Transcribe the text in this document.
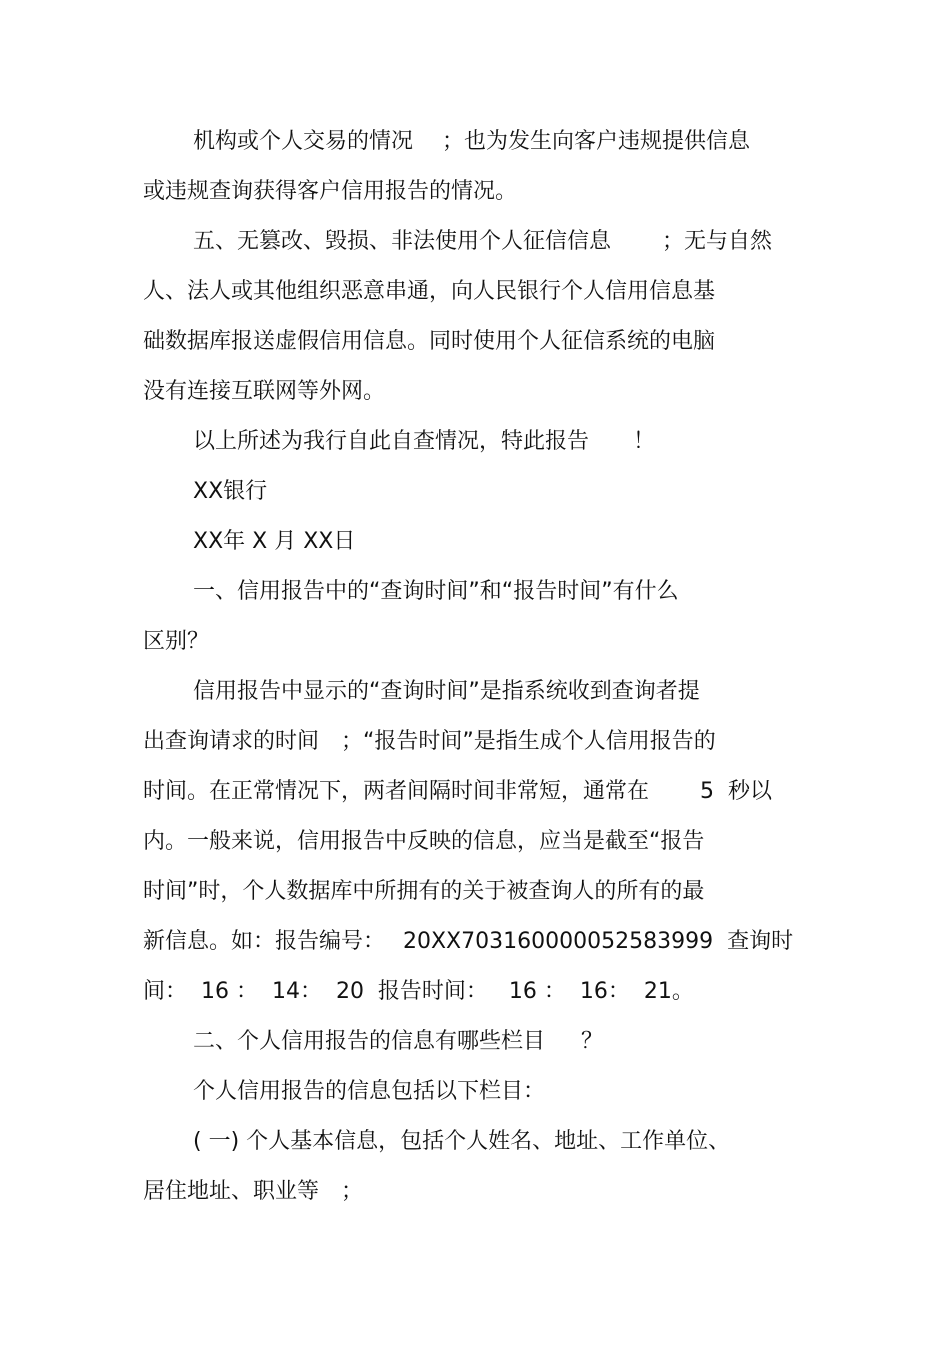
机构或个人交易的情况　 ；也为发生向客户违规提供信息
或违规查询获得客户信用报告的情况。
五、无篡改、毁损、非法使用个人征信信息　　 ；无与自然
人、法人或其他组织恶意串通，向人民银行个人信用信息基
础数据库报送虚假信用信息。同时使用个人征信系统的电脑
没有连接互联网等外网。
以上所述为我行自此自查情况，特此报告　　！
XX银行
XX年 X 月 XX日
一、信用报告中的“查询时间”和“报告时间”有什么
区别？
信用报告中显示的“查询时间”是指系统收到查询者提
出查询请求的时间　；“报告时间”是指生成个人信用报告的
时间。在正常情况下，两者间隔时间非常短，通常在　　 5  秒以
内。一般来说，信用报告中反映的信息，应当是截至“报告
时间”时，个人数据库中所拥有的关于被查询人的所有的最
新信息。如：报告编号：　 20XX703160000052583999  查询时
间：  16 ：  14：  20  报告时间：   16 ：  16：  21。
二、个人信用报告的信息有哪些栏目　  ？
个人信用报告的信息包括以下栏目：
( 一) 个人基本信息，包括个人姓名、地址、工作单位、
居住地址、职业等　；
